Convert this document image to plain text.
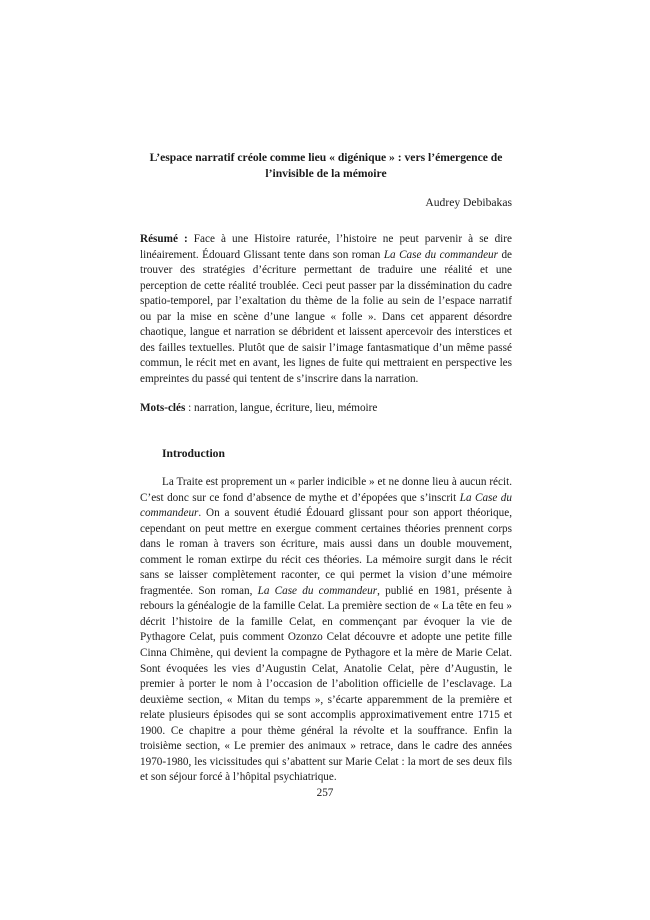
L’espace narratif créole comme lieu « digénique » : vers l’émergence de
l’invisible de la mémoire
Audrey Debibakas
Résumé : Face à une Histoire raturée, l’histoire ne peut parvenir à se dire linéairement. Édouard Glissant tente dans son roman La Case du commandeur de trouver des stratégies d’écriture permettant de traduire une réalité et une perception de cette réalité troublée. Ceci peut passer par la dissémination du cadre spatio-temporel, par l’exaltation du thème de la folie au sein de l’espace narratif ou par la mise en scène d’une langue « folle ». Dans cet apparent désordre chaotique, langue et narration se débrident et laissent apercevoir des interstices et des failles textuelles. Plutôt que de saisir l’image fantasmatique d’un même passé commun, le récit met en avant, les lignes de fuite qui mettraient en perspective les empreintes du passé qui tentent de s’inscrire dans la narration.
Mots-clés : narration, langue, écriture, lieu, mémoire
Introduction
La Traite est proprement un « parler indicible » et ne donne lieu à aucun récit. C’est donc sur ce fond d’absence de mythe et d’épopées que s’inscrit La Case du commandeur. On a souvent étudié Édouard glissant pour son apport théorique, cependant on peut mettre en exergue comment certaines théories prennent corps dans le roman à travers son écriture, mais aussi dans un double mouvement, comment le roman extirpe du récit ces théories. La mémoire surgit dans le récit sans se laisser complètement raconter, ce qui permet la vision d’une mémoire fragmentée. Son roman, La Case du commandeur, publié en 1981, présente à rebours la généalogie de la famille Celat. La première section de « La tête en feu » décrit l’histoire de la famille Celat, en commençant par évoquer la vie de Pythagore Celat, puis comment Ozonzo Celat découvre et adopte une petite fille Cinna Chimène, qui devient la compagne de Pythagore et la mère de Marie Celat. Sont évoquées les vies d’Augustin Celat, Anatolie Celat, père d’Augustin, le premier à porter le nom à l’occasion de l’abolition officielle de l’esclavage. La deuxième section, « Mitan du temps », s’écarte apparemment de la première et relate plusieurs épisodes qui se sont accomplis approximativement entre 1715 et 1900. Ce chapitre a pour thème général la révolte et la souffrance. Enfin la troisième section, « Le premier des animaux » retrace, dans le cadre des années 1970-1980, les vicissitudes qui s’abattent sur Marie Celat : la mort de ses deux fils et son séjour forcé à l’hôpital psychiatrique.
257
